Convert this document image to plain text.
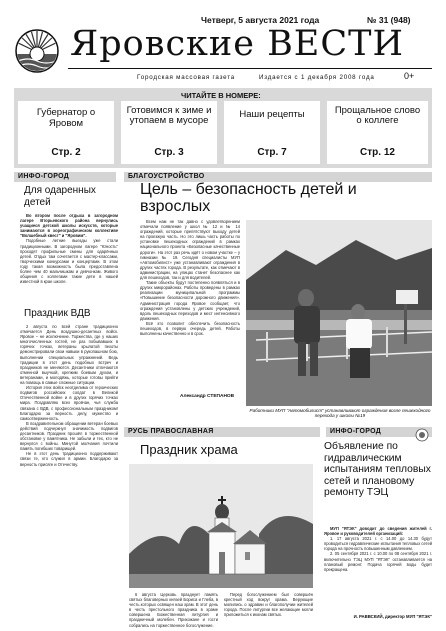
Четверг, 5 августа 2021 года	№ 31 (948)
Яровские ВЕСТИ
Городская массовая газета	Издается с 1 декабря 2008 года	0+
ЧИТАЙТЕ В НОМЕРЕ:
Губернатор о Яровом
Стр. 2
Готовимся к зиме и утопаем в мусоре
Стр. 3
Наши рецепты
Стр. 7
Прощальное слово о коллеге
Стр. 12
ИНФО-ГОРОД
Для одаренных детей

Во втором после отдыха в загородном лагере Вторьевского района вернулись учащиеся детской школы искусств, которые занимаются в хореографическом коллективе "Волшебный квест" и "Яровим".

Подобные летние выезды уже стали традиционными. В загородном лагере "Юность" проходят профильные смены для одарённых детей. Отдых там сочетается с мастер-классами, творческими конкурсами и концертами. В этом году такая возможность была предоставлена более чем 40 мальчишкам и девчонкам. Живого общения с коллегами такие дети в нашей известной в крае школе.

Праздник ВДВ

2 августа по всей стране традиционно отмечается День воздушно-десантных войск. Яровое – не исключение. Торжества, где у наших многочисленных гостей, не раз побывавших в горячих точках, ветераны крылатой пехоты демонстрировали свои навыки в рукопашном бою, выполнении специальных упражнений. Ведь традиции в этот день подобных встреч и праздников не меняются. Десантники отличаются отменной выучкой, крепким боевым духом, и ветеранами, и молодёжь, которые готовы прийти на помощь в самые сложные ситуации.

История этих войск неотделима от героических подвигов российских солдат в Великой Отечественной войне и в других горячих точках мира. Поздравляю всех яровчан, чья служба связана с ВДВ, с профессиональным праздником! Благодарю за верность делу, мужество и самоотверженность.

В поздравительном обращении ветеран боевых действий подчеркнул значимость подвигов десантников. Праздник прошёл в торжественной обстановке у памятника. Не забыли и тех, кто не вернулся с войны. Минутой молчания почтили память погибших товарищей.

Не в этот день традиционно поддерживают связи те, кто служил в армии. Благодарю за верность присяге и Отечеству.

БЛАГОУСТРОЙСТВО
Цель – безопасность детей и взрослых

Всем нам не так давно с удовлетворением отмечали появление у школ № 12 и № 14 ограждений, которые препятствуют выходу детей на проезжую часть. Но это лишь часть работы по установке пешеходных ограждений в рамках национального проекта «Безопасные качественные дороги». На этот раз речь идёт о новом участке – у гимназии № 19. Сегодня специалисты МУП «Автомобилист» уже устанавливают ограждения в других частях города. В результате, как отмечают в администрации, на улицах станет безопаснее как для пешеходов, так и для водителей.

Такие объекты будут постепенно появляться и в других микрорайонах. Работы проведены в рамках реализации муниципальной программы «Повышение безопасности дорожного движения». Администрация города Яровое сообщает, что ограждения установлены у детских учреждений, вдоль пешеходных переходов и мест интенсивного движения.

Всё это позволит обеспечить безопасность пешеходов, в первую очередь детей. Работы выполнены качественно и в срок.

Александр СТЕПАНОВ
Работники МУП "Автомобилист" устанавливают ограждения возле пешеходного перехода у школы №19
РУСЬ ПРАВОСЛАВНАЯ
Праздник храма

6 августа Церковь празднует память святых благоверных князей Бориса и Глеба, в честь которых освящен наш храм. В этот день в честь престольного праздника в храме совершена Божественная литургия и праздничный молебен. Прихожане и гости собрались на торжественное богослужение.

Перед богослужением был совершён крестный ход вокруг храма. Верующие молились о здравии и благополучии жителей города. После литургии все желающие могли приложиться к иконам святых.

ИНФО-ГОРОД
Объявление по гидравлическим испытаниям тепловых сетей и плановому ремонту ТЭЦ

МУП "ЯТЭК" доводит до сведения жителей г. Яровое и руководителей организаций:

1. 17 августа 2021 г. с 14.00 до 14.30 будут проводиться гидравлические испытания тепловых сетей города на прочность повышенным давлением.

2. 05 сентября 2021 г. с 10.00 по 08 сентября 2021 г. включительно ТЭЦ МУП "ЯТЭК" останавливается на плановый ремонт. Подача горячей воды будет прекращена.

И. РАВВСКИЙ, директор МУП "ЯТЭК"
